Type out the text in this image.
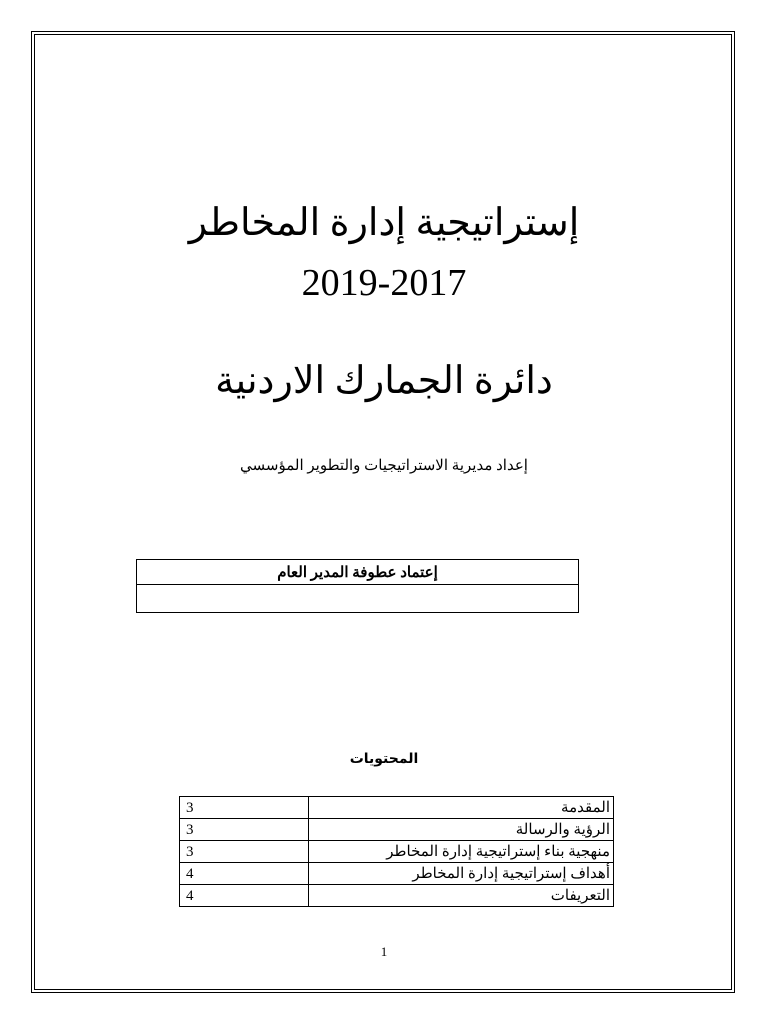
إستراتيجية إدارة المخاطر
2019-2017
دائرة الجمارك الاردنية
إعداد مديرية الاستراتيجيات والتطوير المؤسسي
إعتماد عطوفة المدير العام

المحتويات
المقدمة	3
الرؤية والرسالة	3
منهجية بناء إستراتيجية إدارة المخاطر	3
أهداف إستراتيجية إدارة المخاطر	4
التعريفات	4
1
